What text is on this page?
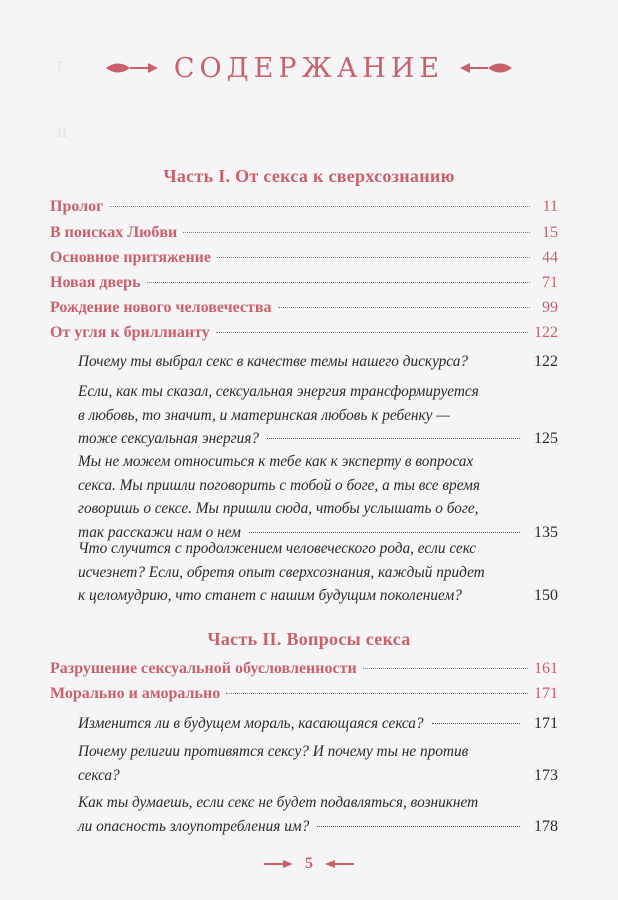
г
и
СОДЕРЖАНИЕ
Часть I. От секса к сверхсознанию
Пролог	11
В поисках Любви	15
Основное притяжение	44
Новая дверь	71
Рождение нового человечества	99
От угля к бриллианту	122
Почему ты выбрал секс в качестве темы нашего дискурса?	122
Если, как ты сказал, сексуальная энергия трансформируется
в любовь, то значит, и материнская любовь к ребенку —
тоже сексуальная энергия?	125
Мы не можем относиться к тебе как к эксперту в вопросах
секса. Мы пришли поговорить с тобой о боге, а ты все время
говоришь о сексе. Мы пришли сюда, чтобы услышать о боге,
так расскажи нам о нем	135
Что случится с продолжением человеческого рода, если секс
исчезнет? Если, обретя опыт сверхсознания, каждый придет
к целомудрию, что станет с нашим будущим поколением?	150
Часть II. Вопросы секса
Разрушение сексуальной обусловленности	161
Морально и аморально	171
Изменится ли в будущем мораль, касающаяся секса?	171
Почему религии противятся сексу? И почему ты не против
секса?	173
Как ты думаешь, если секс не будет подавляться, возникнет
ли опасность злоупотребления им?	178
5
